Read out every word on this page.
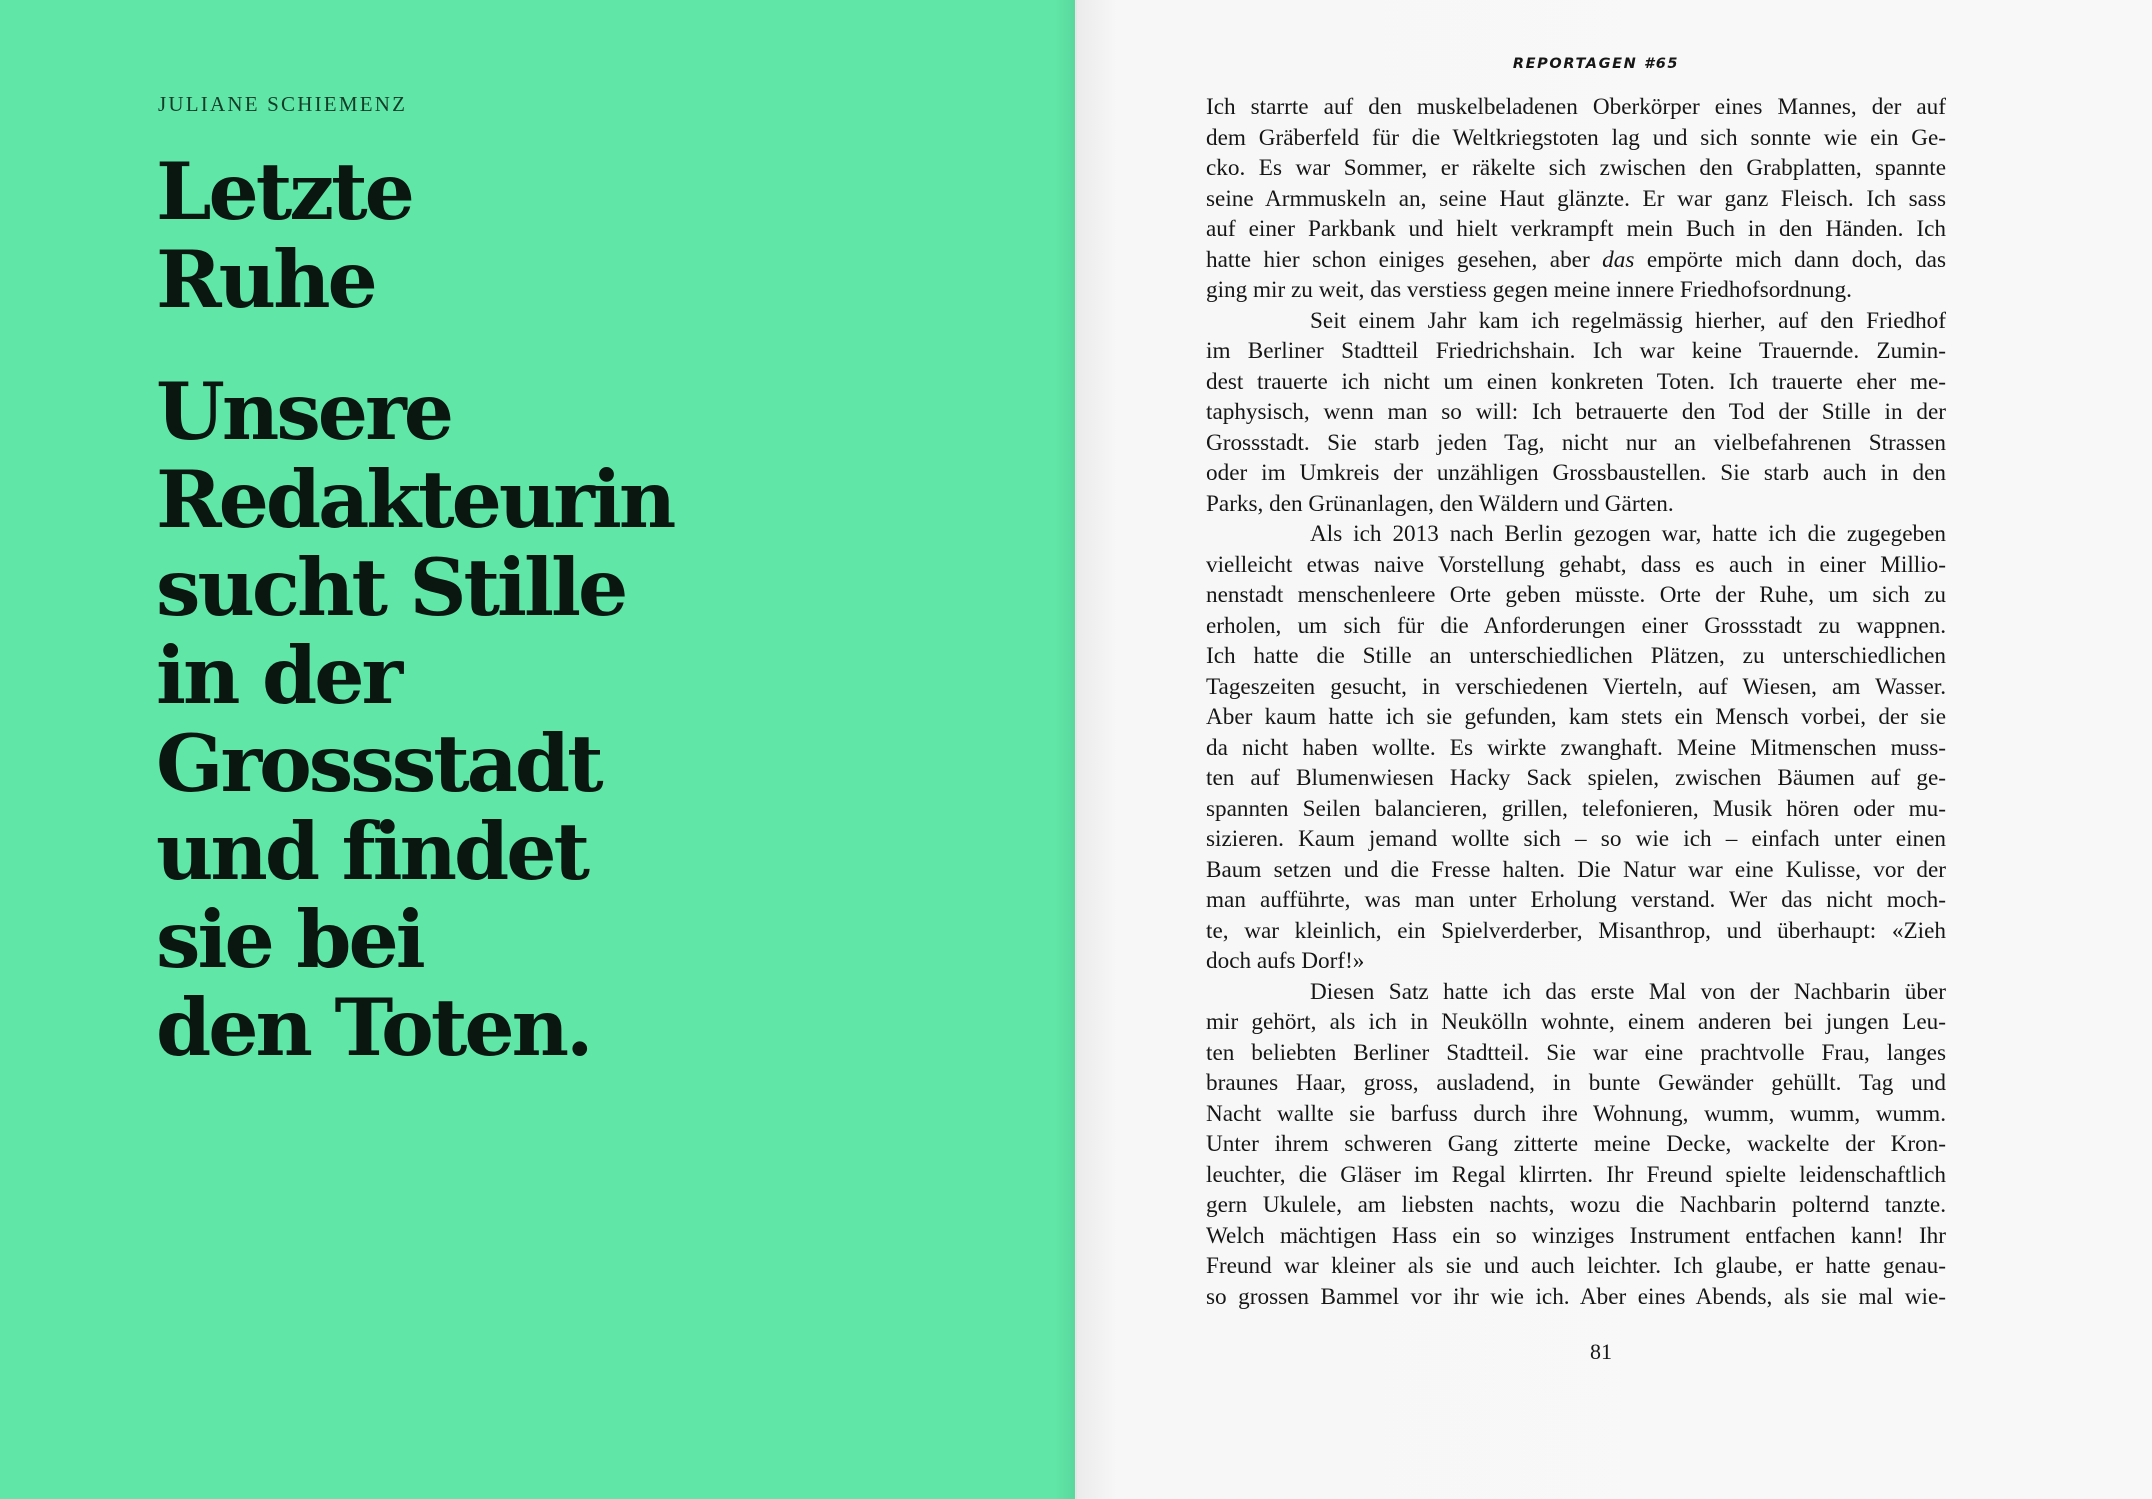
JULIANE SCHIEMENZ

Letzte
Ruhe
Unsere
Redakteurin
sucht Stille
in der
Grossstadt
und findet
sie bei
den Toten.

REPORTAGEN #65

Ich starrte auf den muskelbeladenen Oberkörper eines Mannes, der auf
dem Gräberfeld für die Weltkriegstoten lag und sich sonnte wie ein Ge-
cko. Es war Sommer, er räkelte sich zwischen den Grabplatten, spannte
seine Armmuskeln an, seine Haut glänzte. Er war ganz Fleisch. Ich sass
auf einer Parkbank und hielt verkrampft mein Buch in den Händen. Ich
hatte hier schon einiges gesehen, aber das empörte mich dann doch, das
ging mir zu weit, das verstiess gegen meine innere Friedhofsordnung.
Seit einem Jahr kam ich regelmässig hierher, auf den Friedhof
im Berliner Stadtteil Friedrichshain. Ich war keine Trauernde. Zumin-
dest trauerte ich nicht um einen konkreten Toten. Ich trauerte eher me-
taphysisch, wenn man so will: Ich betrauerte den Tod der Stille in der
Grossstadt. Sie starb jeden Tag, nicht nur an vielbefahrenen Strassen
oder im Umkreis der unzähligen Grossbaustellen. Sie starb auch in den
Parks, den Grünanlagen, den Wäldern und Gärten.
Als ich 2013 nach Berlin gezogen war, hatte ich die zugegeben
vielleicht etwas naive Vorstellung gehabt, dass es auch in einer Millio-
nenstadt menschenleere Orte geben müsste. Orte der Ruhe, um sich zu
erholen, um sich für die Anforderungen einer Grossstadt zu wappnen.
Ich hatte die Stille an unterschiedlichen Plätzen, zu unterschiedlichen
Tageszeiten gesucht, in verschiedenen Vierteln, auf Wiesen, am Wasser.
Aber kaum hatte ich sie gefunden, kam stets ein Mensch vorbei, der sie
da nicht haben wollte. Es wirkte zwanghaft. Meine Mitmenschen muss-
ten auf Blumenwiesen Hacky Sack spielen, zwischen Bäumen auf ge-
spannten Seilen balancieren, grillen, telefonieren, Musik hören oder mu-
sizieren. Kaum jemand wollte sich – so wie ich – einfach unter einen
Baum setzen und die Fresse halten. Die Natur war eine Kulisse, vor der
man aufführte, was man unter Erholung verstand. Wer das nicht moch-
te, war kleinlich, ein Spielverderber, Misanthrop, und überhaupt: «Zieh
doch aufs Dorf!»
Diesen Satz hatte ich das erste Mal von der Nachbarin über
mir gehört, als ich in Neukölln wohnte, einem anderen bei jungen Leu-
ten beliebten Berliner Stadtteil. Sie war eine prachtvolle Frau, langes
braunes Haar, gross, ausladend, in bunte Gewänder gehüllt. Tag und
Nacht wallte sie barfuss durch ihre Wohnung, wumm, wumm, wumm.
Unter ihrem schweren Gang zitterte meine Decke, wackelte der Kron-
leuchter, die Gläser im Regal klirrten. Ihr Freund spielte leidenschaftlich
gern Ukulele, am liebsten nachts, wozu die Nachbarin polternd tanzte.
Welch mächtigen Hass ein so winziges Instrument entfachen kann! Ihr
Freund war kleiner als sie und auch leichter. Ich glaube, er hatte genau-
so grossen Bammel vor ihr wie ich. Aber eines Abends, als sie mal wie-

81
